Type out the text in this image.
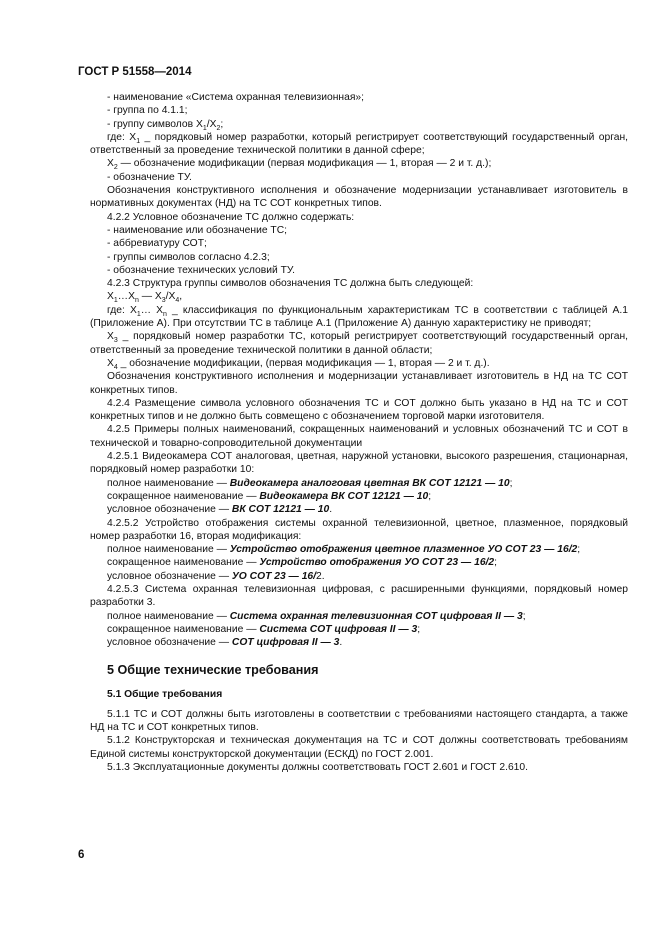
ГОСТ Р 51558—2014

- наименование «Система охранная телевизионная»;

- группа по 4.1.1;

- группу символов $X_1/X_2$;

где: $X_1$ _ порядковый номер разработки, который регистрирует соответствующий государственный орган, ответственный за проведение технической политики в данной сфере;

$X_2$ — обозначение модификации (первая модификация — 1, вторая — 2 и т. д.);

- обозначение ТУ.

Обозначения конструктивного исполнения и обозначение модернизации устанавливает изготовитель в нормативных документах (НД) на ТС СОТ конкретных типов.

4.2.2 Условное обозначение ТС должно содержать:

- наименование или обозначение ТС;

- аббревиатуру СОТ;

- группы символов согласно 4.2.3;

- обозначение технических условий ТУ.

4.2.3 Структура группы символов обозначения ТС должна быть следующей:

$X_1\dots X_n$ — $X_3/X_4$,

где: $X_1\dots$ $X_n$ _ классификация по функциональным характеристикам ТС в соответствии с таблицей А.1 (Приложение А). При отсутствии ТС в таблице А.1 (Приложение А) данную характеристику не приводят;

$X_3$ _ порядковый номер разработки ТС, который регистрирует соответствующий государственный орган, ответственный за проведение технической политики в данной области;

$X_4$ _ обозначение модификации, (первая модификация — 1, вторая — 2 и т. д.).

Обозначения конструктивного исполнения и модернизации устанавливает изготовитель в НД на ТС СОТ конкретных типов.

4.2.4 Размещение символа условного обозначения ТС и СОТ должно быть указано в НД на ТС и СОТ конкретных типов и не должно быть совмещено с обозначением торговой марки изготовителя.

4.2.5 Примеры полных наименований, сокращенных наименований и условных обозначений ТС и СОТ в технической и товарно-сопроводительной документации

4.2.5.1 Видеокамера СОТ аналоговая, цветная, наружной установки, высокого разрешения, стационарная, порядковый номер разработки 10:

полное наименование — Видеокамера аналоговая цветная ВК СОТ 12121 — 10;

сокращенное наименование — Видеокамера ВК СОТ 12121 — 10;

условное обозначение — ВК СОТ 12121 — 10.

4.2.5.2 Устройство отображения системы охранной телевизионной, цветное, плазменное, порядковый номер разработки 16, вторая модификация:

полное наименование — Устройство отображения цветное плазменное УО СОТ 23 — 16/2;

сокращенное наименование — Устройство отображения УО СОТ 23 — 16/2;

условное обозначение — УО СОТ 23 — 16/2.

4.2.5.3 Система охранная телевизионная цифровая, с расширенными функциями, порядковый номер разработки 3.

полное наименование — Система охранная телевизионная СОТ цифровая II — 3;

сокращенное наименование — Система СОТ цифровая II — 3;

условное обозначение — СОТ цифровая II — 3.

5 Общие технические требования

5.1 Общие требования

5.1.1 ТС и СОТ должны быть изготовлены в соответствии с требованиями настоящего стандарта, а также НД на ТС и СОТ конкретных типов.

5.1.2 Конструкторская и техническая документация на ТС и СОТ должны соответствовать требованиям Единой системы конструкторской документации (ЕСКД) по ГОСТ 2.001.

5.1.3 Эксплуатационные документы должны соответствовать ГОСТ 2.601 и ГОСТ 2.610.

6
